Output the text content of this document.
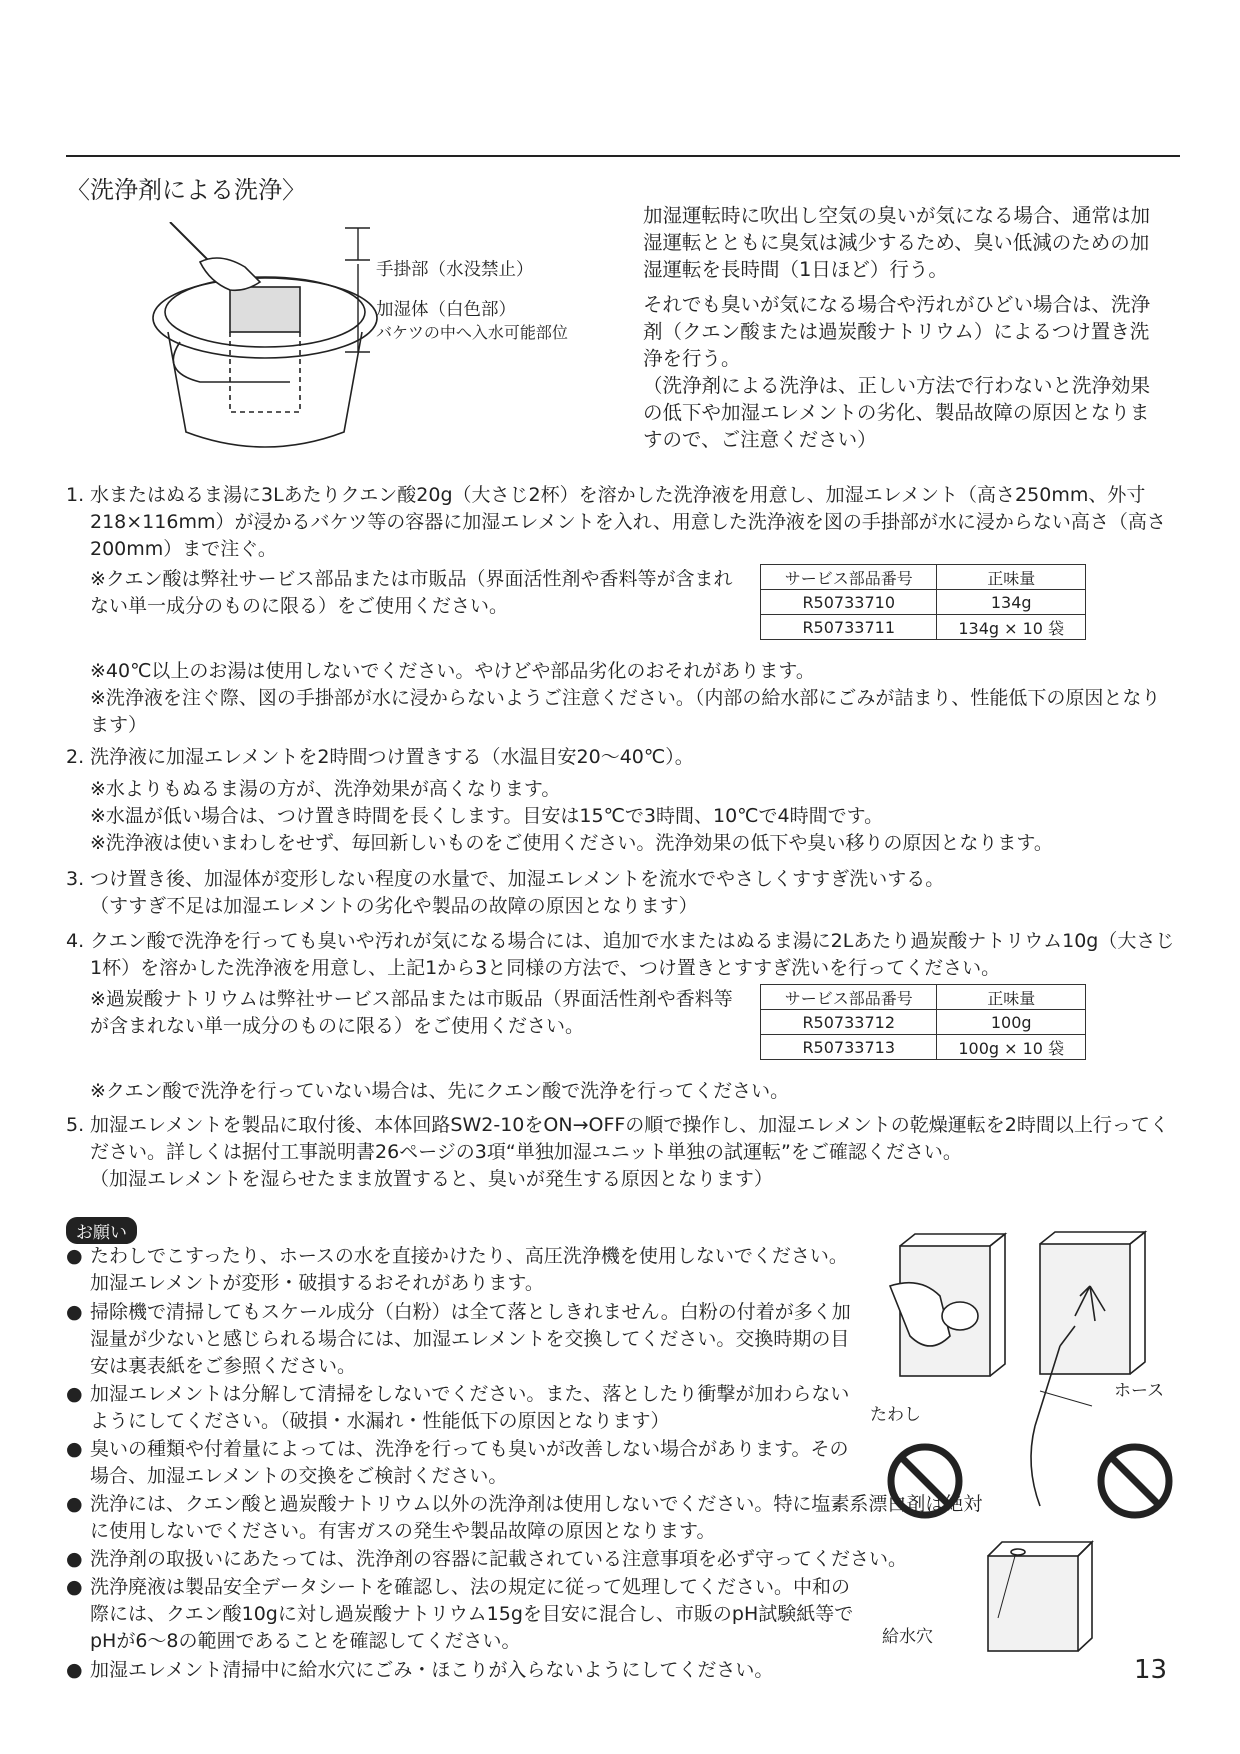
〈洗浄剤による洗浄〉
手掛部（水没禁止）
加湿体（白色部）
バケツの中へ入水可能部位

加湿運転時に吹出し空気の臭いが気になる場合、通常は加湿運転とともに臭気は減少するため、臭い低減のための加湿運転を長時間（1日ほど）行う。

それでも臭いが気になる場合や汚れがひどい場合は、洗浄剤（クエン酸または過炭酸ナトリウム）によるつけ置き洗浄を行う。

（洗浄剤による洗浄は、正しい方法で行わないと洗浄効果の低下や加湿エレメントの劣化、製品故障の原因となりますので、ご注意ください）

1. 水またはぬるま湯に3Lあたりクエン酸20g（大さじ2杯）を溶かした洗浄液を用意し、加湿エレメント（高さ250mm、外寸218×116mm）が浸かるバケツ等の容器に加湿エレメントを入れ、用意した洗浄液を図の手掛部が水に浸からない高さ（高さ200mm）まで注ぐ。
※クエン酸は弊社サービス部品または市販品（界面活性剤や香料等が含まれない単一成分のものに限る）をご使用ください。
サービス部品番号	正味量
R50733710	134g
R50733711	134g × 10 袋
※40℃以上のお湯は使用しないでください。やけどや部品劣化のおそれがあります。
※洗浄液を注ぐ際、図の手掛部が水に浸からないようご注意ください。（内部の給水部にごみが詰まり、性能低下の原因となります）
2. 洗浄液に加湿エレメントを2時間つけ置きする（水温目安20～40℃）。
※水よりもぬるま湯の方が、洗浄効果が高くなります。
※水温が低い場合は、つけ置き時間を長くします。目安は15℃で3時間、10℃で4時間です。
※洗浄液は使いまわしをせず、毎回新しいものをご使用ください。洗浄効果の低下や臭い移りの原因となります。
3. つけ置き後、加湿体が変形しない程度の水量で、加湿エレメントを流水でやさしくすすぎ洗いする。
（すすぎ不足は加湿エレメントの劣化や製品の故障の原因となります）
4. クエン酸で洗浄を行っても臭いや汚れが気になる場合には、追加で水またはぬるま湯に2Lあたり過炭酸ナトリウム10g（大さじ1杯）を溶かした洗浄液を用意し、上記1から3と同様の方法で、つけ置きとすすぎ洗いを行ってください。
※過炭酸ナトリウムは弊社サービス部品または市販品（界面活性剤や香料等が含まれない単一成分のものに限る）をご使用ください。
サービス部品番号	正味量
R50733712	100g
R50733713	100g × 10 袋
※クエン酸で洗浄を行っていない場合は、先にクエン酸で洗浄を行ってください。
5. 加湿エレメントを製品に取付後、本体回路SW2-10をON→OFFの順で操作し、加湿エレメントの乾燥運転を2時間以上行ってください。詳しくは据付工事説明書26ページの3項“単独加湿ユニット単独の試運転”をご確認ください。
（加湿エレメントを湿らせたまま放置すると、臭いが発生する原因となります）
お願い
● たわしでこすったり、ホースの水を直接かけたり、高圧洗浄機を使用しないでください。加湿エレメントが変形・破損するおそれがあります。
● 掃除機で清掃してもスケール成分（白粉）は全て落としきれません。白粉の付着が多く加湿量が少ないと感じられる場合には、加湿エレメントを交換してください。交換時期の目安は裏表紙をご参照ください。
● 加湿エレメントは分解して清掃をしないでください。また、落としたり衝撃が加わらないようにしてください。（破損・水漏れ・性能低下の原因となります）
● 臭いの種類や付着量によっては、洗浄を行っても臭いが改善しない場合があります。その場合、加湿エレメントの交換をご検討ください。
● 洗浄には、クエン酸と過炭酸ナトリウム以外の洗浄剤は使用しないでください。特に塩素系漂白剤は絶対に使用しないでください。有害ガスの発生や製品故障の原因となります。
● 洗浄剤の取扱いにあたっては、洗浄剤の容器に記載されている注意事項を必ず守ってください。
● 洗浄廃液は製品安全データシートを確認し、法の規定に従って処理してください。中和の際には、クエン酸10gに対し過炭酸ナトリウム15gを目安に混合し、市販のpH試験紙等でpHが6～8の範囲であることを確認してください。
● 加湿エレメント清掃中に給水穴にごみ・ほこりが入らないようにしてください。
たわし
ホース
給水穴
13
